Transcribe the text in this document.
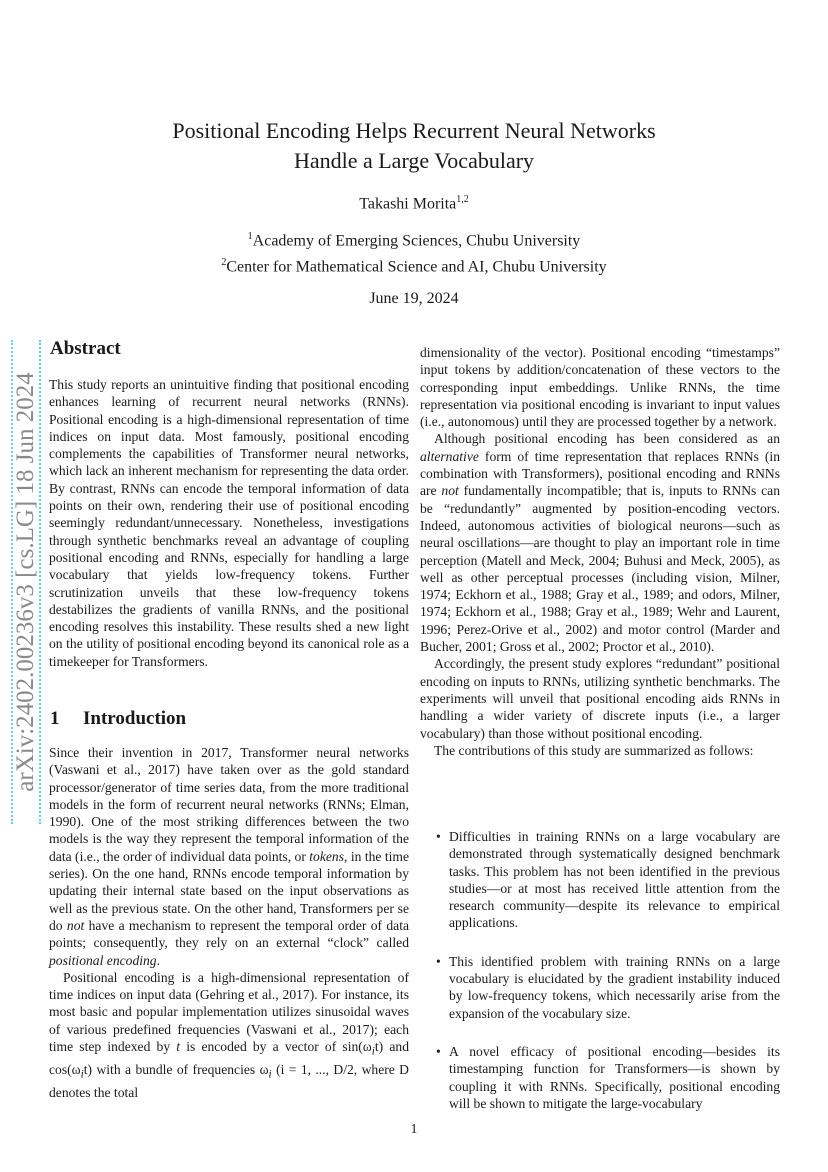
Positional Encoding Helps Recurrent Neural Networks
Handle a Large Vocabulary
Takashi Morita$^{1,2}$
$^1$Academy of Emerging Sciences, Chubu University
$^2$Center for Mathematical Science and AI, Chubu University
June 19, 2024
arXiv:2402.00236v3 [cs.LG] 18 Jun 2024
Abstract

This study reports an unintuitive finding that positional encoding enhances learning of recurrent neural networks (RNNs). Positional encoding is a high-dimensional representation of time indices on input data. Most famously, positional encoding complements the capabilities of Transformer neural networks, which lack an inherent mechanism for representing the data order. By contrast, RNNs can encode the temporal information of data points on their own, rendering their use of positional encoding seemingly redundant/unnecessary. Nonetheless, investigations through synthetic benchmarks reveal an advantage of coupling positional encoding and RNNs, especially for handling a large vocabulary that yields low-frequency tokens. Further scrutinization unveils that these low-frequency tokens destabilizes the gradients of vanilla RNNs, and the positional encoding resolves this instability. These results shed a new light on the utility of positional encoding beyond its canonical role as a timekeeper for Transformers.

1 Introduction

Since their invention in 2017, Transformer neural networks (Vaswani et al., 2017) have taken over as the gold standard processor/generator of time series data, from the more traditional models in the form of recurrent neural networks (RNNs; Elman, 1990). One of the most striking differences between the two models is the way they represent the temporal information of the data (i.e., the order of individual data points, or tokens, in the time series). On the one hand, RNNs encode temporal information by updating their internal state based on the input observations as well as the previous state. On the other hand, Transformers per se do not have a mechanism to represent the temporal order of data points; consequently, they rely on an external “clock” called positional encoding.

Positional encoding is a high-dimensional representation of time indices on input data (Gehring et al., 2017). For instance, its most basic and popular implementation utilizes sinusoidal waves of various predefined frequencies (Vaswani et al., 2017); each time step indexed by t is encoded by a vector of $\sin(\omega_it)$ and $\cos(\omega_it)$ with a bundle of frequencies $\omega_i$ (i = 1, ..., D/2, where D denotes the total

dimensionality of the vector). Positional encoding “timestamps” input tokens by addition/concatenation of these vectors to the corresponding input embeddings. Unlike RNNs, the time representation via positional encoding is invariant to input values (i.e., autonomous) until they are processed together by a network.

Although positional encoding has been considered as an alternative form of time representation that replaces RNNs (in combination with Transformers), positional encoding and RNNs are not fundamentally incompatible; that is, inputs to RNNs can be “redundantly” augmented by position-encoding vectors. Indeed, autonomous activities of biological neurons—such as neural oscillations—are thought to play an important role in time perception (Matell and Meck, 2004; Buhusi and Meck, 2005), as well as other perceptual processes (including vision, Milner, 1974; Eckhorn et al., 1988; Gray et al., 1989; and odors, Milner, 1974; Eckhorn et al., 1988; Gray et al., 1989; Wehr and Laurent, 1996; Perez-Orive et al., 2002) and motor control (Marder and Bucher, 2001; Gross et al., 2002; Proctor et al., 2010).

Accordingly, the present study explores “redundant” positional encoding on inputs to RNNs, utilizing synthetic benchmarks. The experiments will unveil that positional encoding aids RNNs in handling a wider variety of discrete inputs (i.e., a larger vocabulary) than those without positional encoding.

The contributions of this study are summarized as follows:

• Difficulties in training RNNs on a large vocabulary are demonstrated through systematically designed benchmark tasks. This problem has not been identified in the previous studies—or at most has received little attention from the research community—despite its relevance to empirical applications.
• This identified problem with training RNNs on a large vocabulary is elucidated by the gradient instability induced by low-frequency tokens, which necessarily arise from the expansion of the vocabulary size.
• A novel efficacy of positional encoding—besides its timestamping function for Transformers—is shown by coupling it with RNNs. Specifically, positional encoding will be shown to mitigate the large-vocabulary
1
